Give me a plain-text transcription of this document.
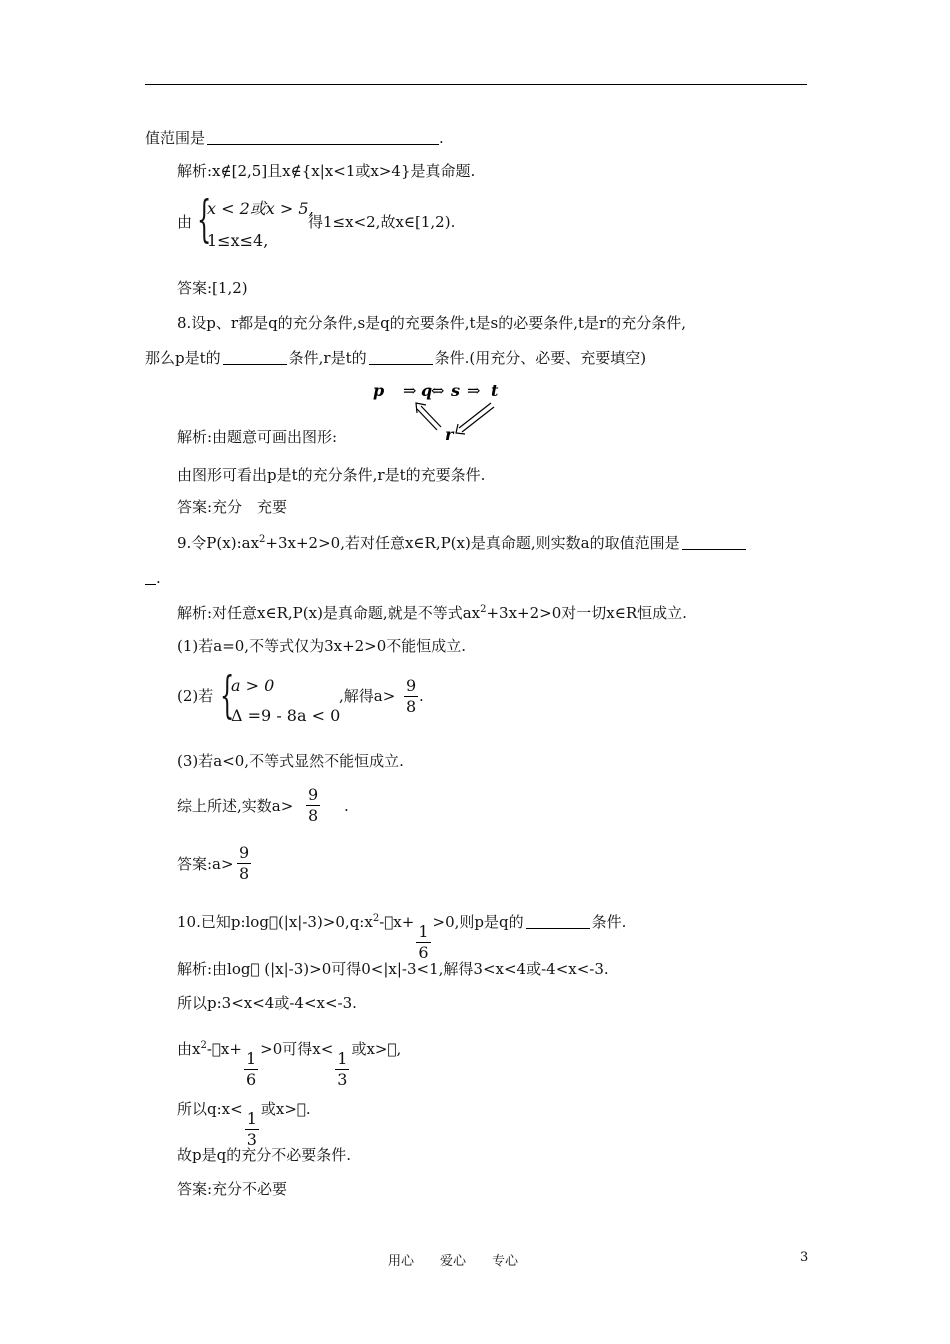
值范围是	.
解析:x∉[2,5]且x∉{x|x<1或x>4}是真命题.
由 {
x < 2或x > 5,
1≤x≤4,
得1≤x<2,故x∈[1,2).
答案:[1,2)
8.设p、r都是q的充分条件,s是q的充要条件,t是s的必要条件,t是r的充分条件,
那么p是t的	条件,r是t的	条件.(用充分、必要、充要填空)
p ⇒ q
⇔ s ⇒ t
r
解析:由题意可画出图形:
由图形可看出p是t的充分条件,r是t的充要条件.
答案:充分　充要
9.令$P(x):ax^2+3x+2>0$,若对任意x∈R,P(x)是真命题,则实数a的取值范围是
.
解析:对任意x∈R,P(x)是真命题,就是不等式$ax^2+3x+2>0$对一切x∈R恒成立.
(1)若a=0,不等式仅为3x+2>0不能恒成立.
(2)若 {
a > 0
Δ =9 - 8a < 0
,解得a>
9
8
.
(3)若a<0,不等式显然不能恒成立.
综上所述,实数a>
9
8 .
答案:a>
9
8
10.已知$p:\log (|x|-3)>0,q:x^2- x+ \frac{1}{6} >0$,则p是q的	条件.
解析:由log  (|x|-3)>0可得0<|x|-3<1,解得3<x<4或-4<x<-3.
所以p:3<x<4或-4<x<-3.
由$x^2- x+ \frac{1}{6} >0$可得$x< \frac{1}{3}$ 或x> ,
所以q:x< $\frac{1}{3}$ 或x> .
故p是q的充分不必要条件.
答案:充分不必要
用心　　爱心　　专心	3
